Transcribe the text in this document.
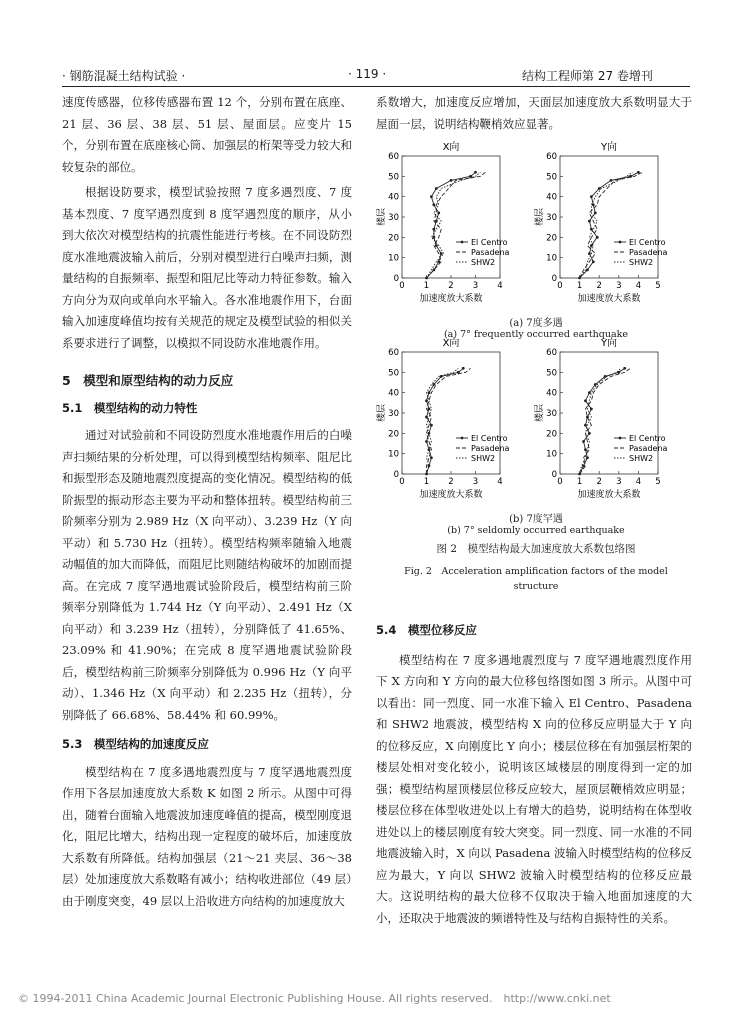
· 钢筋混凝土结构试验 ·	· 119 ·	结构工程师第 27 卷增刊

速度传感器，位移传感器布置 12 个，分别布置在底座、21 层、36 层、38 层、51 层、屋面层。应变片 15 个，分别布置在底座核心筒、加强层的桁架等受力较大和较复杂的部位。

根据设防要求，模型试验按照 7 度多遇烈度、7 度基本烈度、7 度罕遇烈度到 8 度罕遇烈度的顺序，从小到大依次对模型结构的抗震性能进行考核。在不同设防烈度水准地震波输入前后，分别对模型进行白噪声扫频，测量结构的自振频率、振型和阻尼比等动力特征参数。输入方向分为双向或单向水平输入。各水准地震作用下，台面输入加速度峰值均按有关规范的规定及模型试验的相似关系要求进行了调整，以模拟不同设防水准地震作用。

5　模型和原型结构的动力反应

5.1　模型结构的动力特性

通过对试验前和不同设防烈度水准地震作用后的白噪声扫频结果的分析处理，可以得到模型结构频率、阻尼比和振型形态及随地震烈度提高的变化情况。模型结构的低阶振型的振动形态主要为平动和整体扭转。模型结构前三阶频率分别为 2.989 Hz（X 向平动）、3.239 Hz（Y 向平动）和 5.730 Hz（扭转）。模型结构频率随输入地震动幅值的加大而降低，而阻尼比则随结构破坏的加剧而提高。在完成 7 度罕遇地震试验阶段后，模型结构前三阶频率分别降低为 1.744 Hz（Y 向平动）、2.491 Hz（X 向平动）和 3.239 Hz（扭转），分别降低了 41.65%、23.09% 和 41.90%；在完成 8 度罕遇地震试验阶段后，模型结构前三阶频率分别降低为 0.996 Hz（Y 向平动）、1.346 Hz（X 向平动）和 2.235 Hz（扭转），分别降低了 66.68%、58.44% 和 60.99%。

5.3　模型结构的加速度反应

模型结构在 7 度多遇地震烈度与 7 度罕遇地震烈度作用下各层加速度放大系数 K 如图 2 所示。从图中可得出，随着台面输入地震波加速度峰值的提高，模型刚度退化，阻尼比增大，结构出现一定程度的破坏后，加速度放大系数有所降低。结构加强层（21～21 夹层、36～38 层）处加速度放大系数略有减小；结构收进部位（49 层）由于刚度突变，49 层以上沿收进方向结构的加速度放大

系数增大，加速度反应增加，天面层加速度放大系数明显大于屋面一层，说明结构鞭梢效应显著。

X向
0 1 2 3 4
0
10
20
30
40
50
60
加速度放大系数
楼层
El Centro
Pasadena
SHW2
Y向
0 1 2 3 4 5
0
10
20
30
40
50
60
加速度放大系数
楼层
El Centro
Pasadena
SHW2
(a) 7度多遇
(a) 7° frequently occurred earthquake
X向
0 1 2 3 4
0
10
20
30
40
50
60
加速度放大系数
楼层
El Centro
Pasadena
SHW2
Y向
0 1 2 3 4 5
0
10
20
30
40
50
60
加速度放大系数
楼层
El Centro
Pasadena
SHW2
(b) 7度罕遇
(b) 7° seldomly occurred earthquake
图 2　模型结构最大加速度放大系数包络图
Fig. 2　Acceleration amplification factors of the model
structure

5.4　模型位移反应

模型结构在 7 度多遇地震烈度与 7 度罕遇地震烈度作用下 X 方向和 Y 方向的最大位移包络图如图 3 所示。从图中可以看出：同一烈度、同一水准下输入 El Centro、Pasadena 和 SHW2 地震波，模型结构 X 向的位移反应明显大于 Y 向的位移反应，X 向刚度比 Y 向小；楼层位移在有加强层桁架的楼层处相对变化较小，说明该区域楼层的刚度得到一定的加强；模型结构屋顶楼层位移反应较大，屋顶层鞭梢效应明显；楼层位移在体型收进处以上有增大的趋势，说明结构在体型收进处以上的楼层刚度有较大突变。同一烈度、同一水准的不同地震波输入时，X 向以 Pasadena 波输入时模型结构的位移反应为最大，Y 向以 SHW2 波输入时模型结构的位移反应最大。这说明结构的最大位移不仅取决于输入地面加速度的大小，还取决于地震波的频谱特性及与结构自振特性的关系。

© 1994-2011 China Academic Journal Electronic Publishing House. All rights reserved.　http://www.cnki.net
